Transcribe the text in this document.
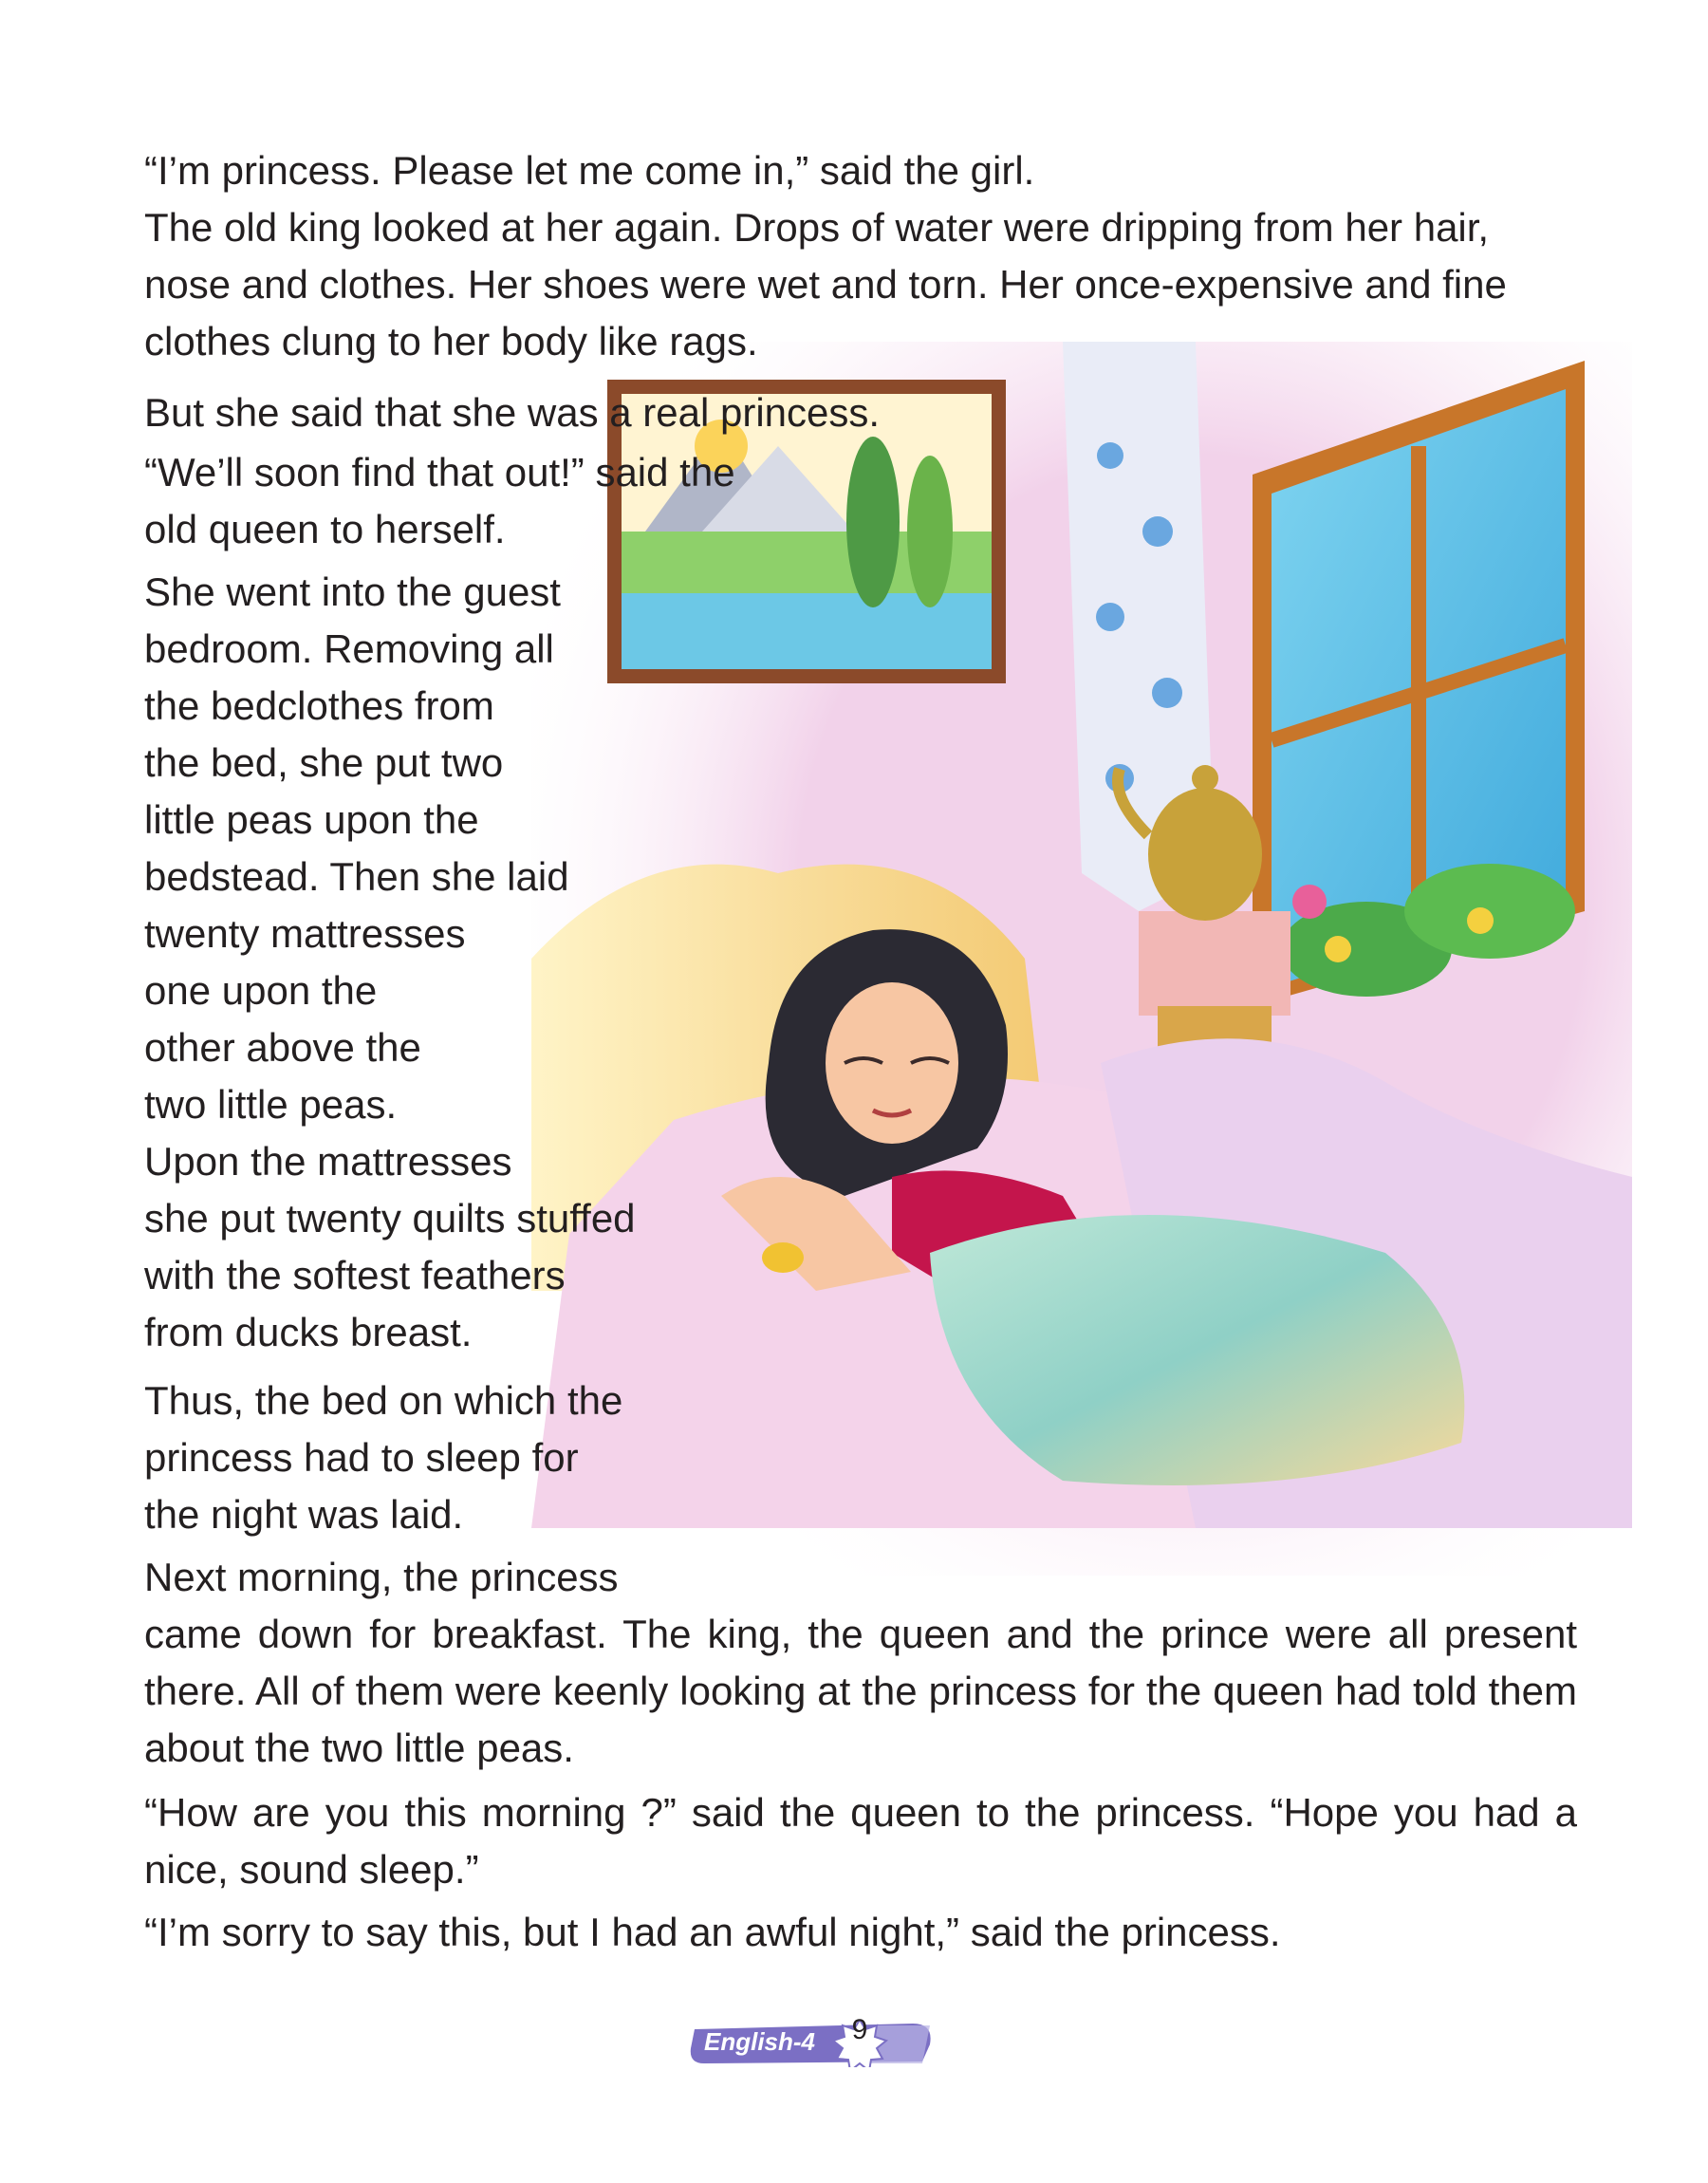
“I’m princess. Please let me come in,” said the girl.

The old king looked at her again. Drops of water were dripping from her hair, nose and clothes. Her shoes were wet and torn. Her once-expensive and fine clothes clung to her body like rags.

But she said that she was a real princess.

“We’ll soon find that out!” said the
old queen to herself.

She went into the guest
bedroom. Removing all
the bedclothes from
the bed, she put two
little peas upon the
bedstead. Then she laid
twenty mattresses
one upon the
other above the
two little peas.
Upon the mattresses
she put twenty quilts stuffed
with the softest feathers
from ducks breast.

Thus, the bed on which the
princess had to sleep for
the night was laid.

Next morning, the princess

came down for breakfast. The king, the queen and the prince were all present there. All of them were keenly looking at the princess for the queen had told them about the two little peas.

“How are you this morning ?” said the queen to the princess. “Hope you had a nice, sound sleep.”

“I’m sorry to say this, but I had an awful night,” said the princess.

English-4	9
